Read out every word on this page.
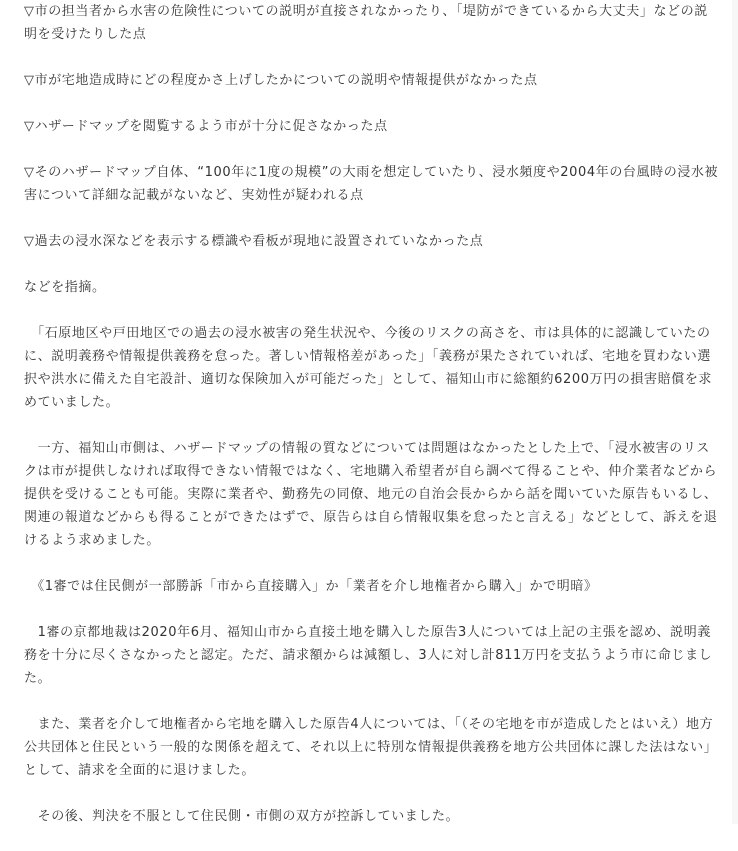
▽市の担当者から水害の危険性についての説明が直接されなかったり、「堤防ができているから大丈夫」などの説明を受けたりした点

▽市が宅地造成時にどの程度かさ上げしたかについての説明や情報提供がなかった点

▽ハザードマップを閲覧するよう市が十分に促さなかった点

▽そのハザードマップ自体、“100年に1度の規模”の大雨を想定していたり、浸水頻度や2004年の台風時の浸水被害について詳細な記載がないなど、実効性が疑われる点

▽過去の浸水深などを表示する標識や看板が現地に設置されていなかった点

などを指摘。

　「石原地区や戸田地区での過去の浸水被害の発生状況や、今後のリスクの高さを、市は具体的に認識していたのに、説明義務や情報提供義務を怠った。著しい情報格差があった」「義務が果たされていれば、宅地を買わない選択や洪水に備えた自宅設計、適切な保険加入が可能だった」として、福知山市に総額約6200万円の損害賠償を求めていました。

　一方、福知山市側は、ハザードマップの情報の質などについては問題はなかったとした上で、「浸水被害のリスクは市が提供しなければ取得できない情報ではなく、宅地購入希望者が自ら調べて得ることや、仲介業者などから提供を受けることも可能。実際に業者や、勤務先の同僚、地元の自治会長からから話を聞いていた原告もいるし、関連の報道などからも得ることができたはずで、原告らは自ら情報収集を怠ったと言える」などとして、訴えを退けるよう求めました。

　《1審では住民側が一部勝訴「市から直接購入」か「業者を介し地権者から購入」かで明暗》

　1審の京都地裁は2020年6月、福知山市から直接土地を購入した原告3人については上記の主張を認め、説明義務を十分に尽くさなかったと認定。ただ、請求額からは減額し、3人に対し計811万円を支払うよう市に命じました。

　また、業者を介して地権者から宅地を購入した原告4人については、「（その宅地を市が造成したとはいえ）地方公共団体と住民という一般的な関係を超えて、それ以上に特別な情報提供義務を地方公共団体に課した法はない」として、請求を全面的に退けました。

　その後、判決を不服として住民側・市側の双方が控訴していました。
